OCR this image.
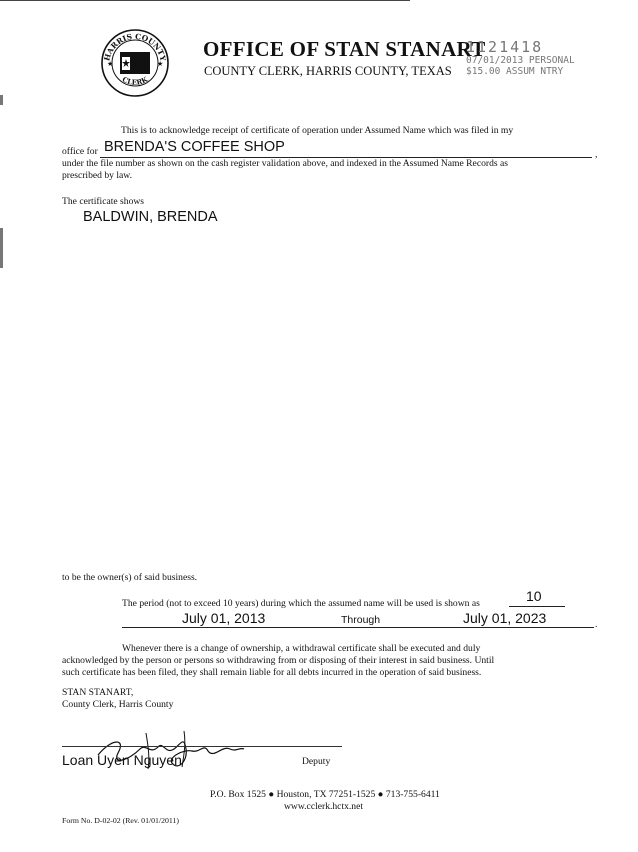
HARRIS COUNTY
CLERK
★	★
OFFICE OF STAN STANART
COUNTY CLERK, HARRIS COUNTY, TEXAS
1121418
07/01/2013 PERSONAL
$15.00 ASSUM NTRY
This is to acknowledge receipt of certificate of operation under Assumed Name which was filed in my
office for BRENDA'S COFFEE SHOP	,
under the file number as shown on the cash register validation above, and indexed in the Assumed Name Records as
prescribed by law.
The certificate shows
BALDWIN, BRENDA
to be the owner(s) of said business.
The period (not to exceed 10 years) during which the assumed name will be used is shown as	10
July 01, 2013	Through	July 01, 2023	.
Whenever there is a change of ownership, a withdrawal certificate shall be executed and duly
acknowledged by the person or persons so withdrawing from or disposing of their interest in said business. Until
such certificate has been filed, they shall remain liable for all debts incurred in the operation of said business.
STAN STANART,
County Clerk, Harris County
Loan Uyen Nguyen	Deputy
P.O. Box 1525 ● Houston, TX 77251-1525 ● 713-755-6411
www.cclerk.hctx.net
Form No. D-02-02 (Rev. 01/01/2011)
